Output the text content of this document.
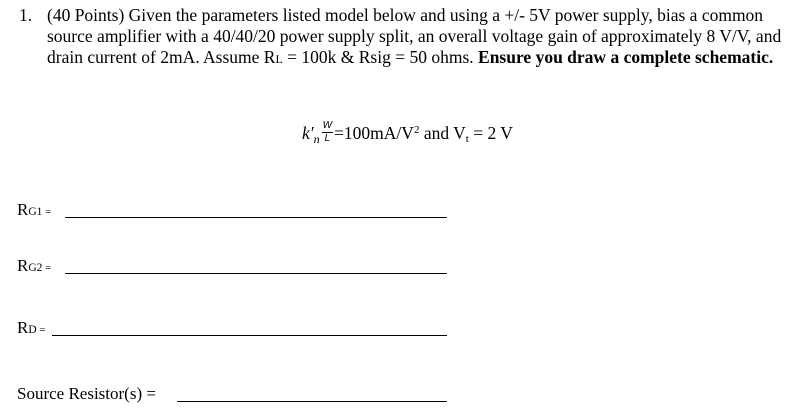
1. (40 Points) Given the parameters listed model below and using a +/- 5V power supply, bias a common source amplifier with a 40/40/20 power supply split, an overall voltage gain of approximately 8 V/V, and drain current of 2mA. Assume RL = 100k & Rsig = 50 ohms. Ensure you draw a complete schematic.

$k'_n \frac{W}{L} =100mA/V^2$ and Vt = 2 V
RG1 =
RG2 =
RD =
Source Resistor(s) =
